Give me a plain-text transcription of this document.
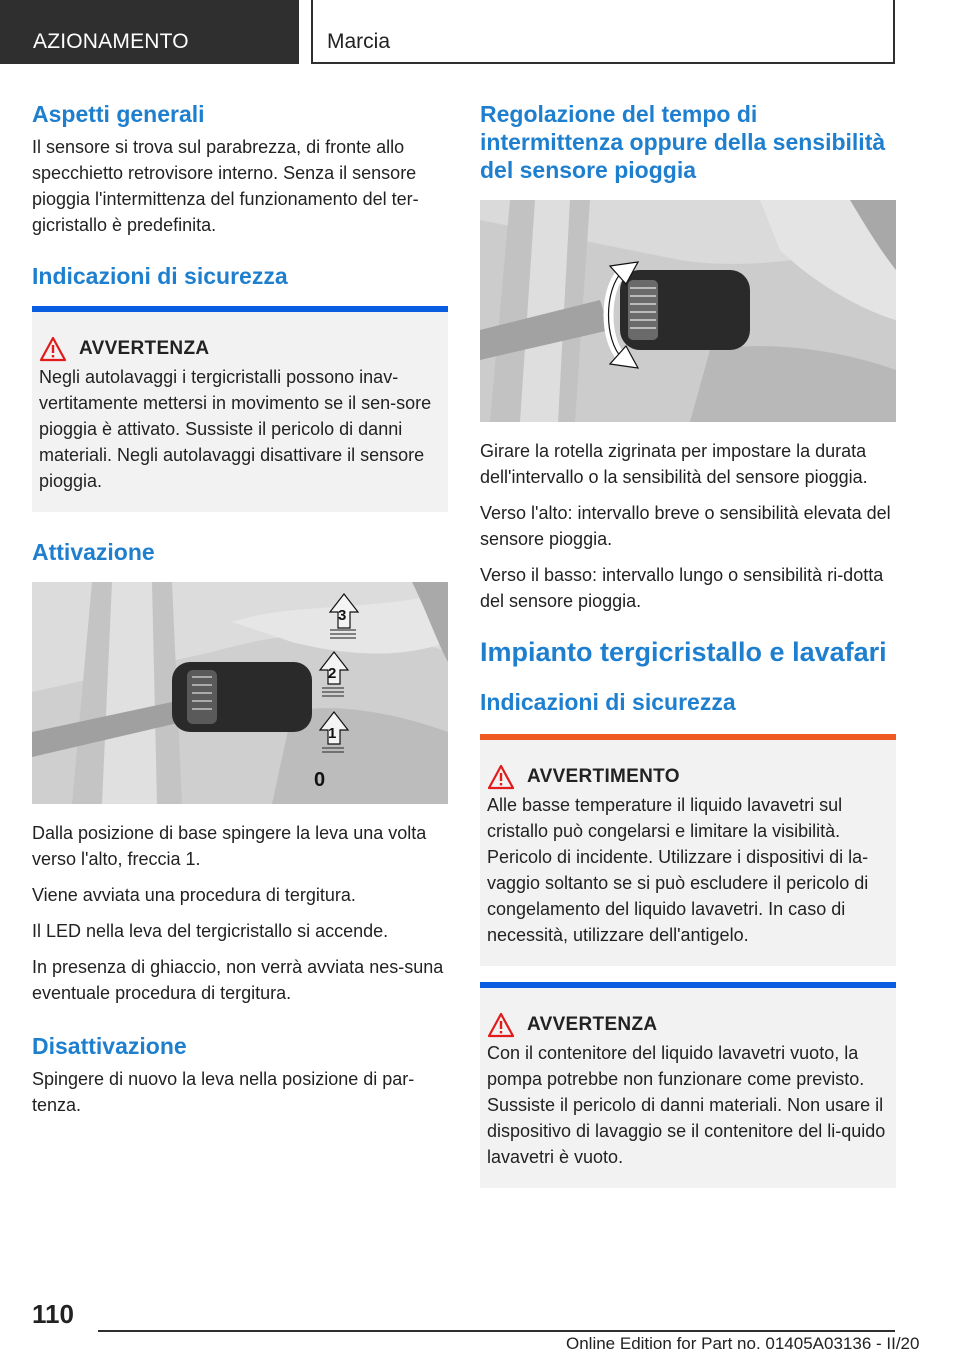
AZIONAMENTO	Marcia
Aspetti generali

Il sensore si trova sul parabrezza, di fronte allo specchietto retrovisore interno. Senza il sensore pioggia l'intermittenza del funzionamento del ter-gicristallo è predefinita.

Indicazioni di sicurezza
AVVERTENZA

Negli autolavaggi i tergicristalli possono inav-vertitamente mettersi in movimento se il sen-sore pioggia è attivato. Sussiste il pericolo di danni materiali. Negli autolavaggi disattivare il sensore pioggia.

Attivazione
3
2
1
0

Dalla posizione di base spingere la leva una volta verso l'alto, freccia 1.

Viene avviata una procedura di tergitura.

Il LED nella leva del tergicristallo si accende.

In presenza di ghiaccio, non verrà avviata nes-suna eventuale procedura di tergitura.

Disattivazione

Spingere di nuovo la leva nella posizione di par-tenza.

Regolazione del tempo di intermittenza oppure della sensibilità del sensore pioggia

Girare la rotella zigrinata per impostare la durata dell'intervallo o la sensibilità del sensore pioggia.

Verso l'alto: intervallo breve o sensibilità elevata del sensore pioggia.

Verso il basso: intervallo lungo o sensibilità ri-dotta del sensore pioggia.

Impianto tergicristallo e lavafari
Indicazioni di sicurezza
AVVERTIMENTO

Alle basse temperature il liquido lavavetri sul cristallo può congelarsi e limitare la visibilità. Pericolo di incidente. Utilizzare i dispositivi di la-vaggio soltanto se si può escludere il pericolo di congelamento del liquido lavavetri. In caso di necessità, utilizzare dell'antigelo.

AVVERTENZA

Con il contenitore del liquido lavavetri vuoto, la pompa potrebbe non funzionare come previsto. Sussiste il pericolo di danni materiali. Non usare il dispositivo di lavaggio se il contenitore del li-quido lavavetri è vuoto.

110
Online Edition for Part no. 01405A03136 - II/20
